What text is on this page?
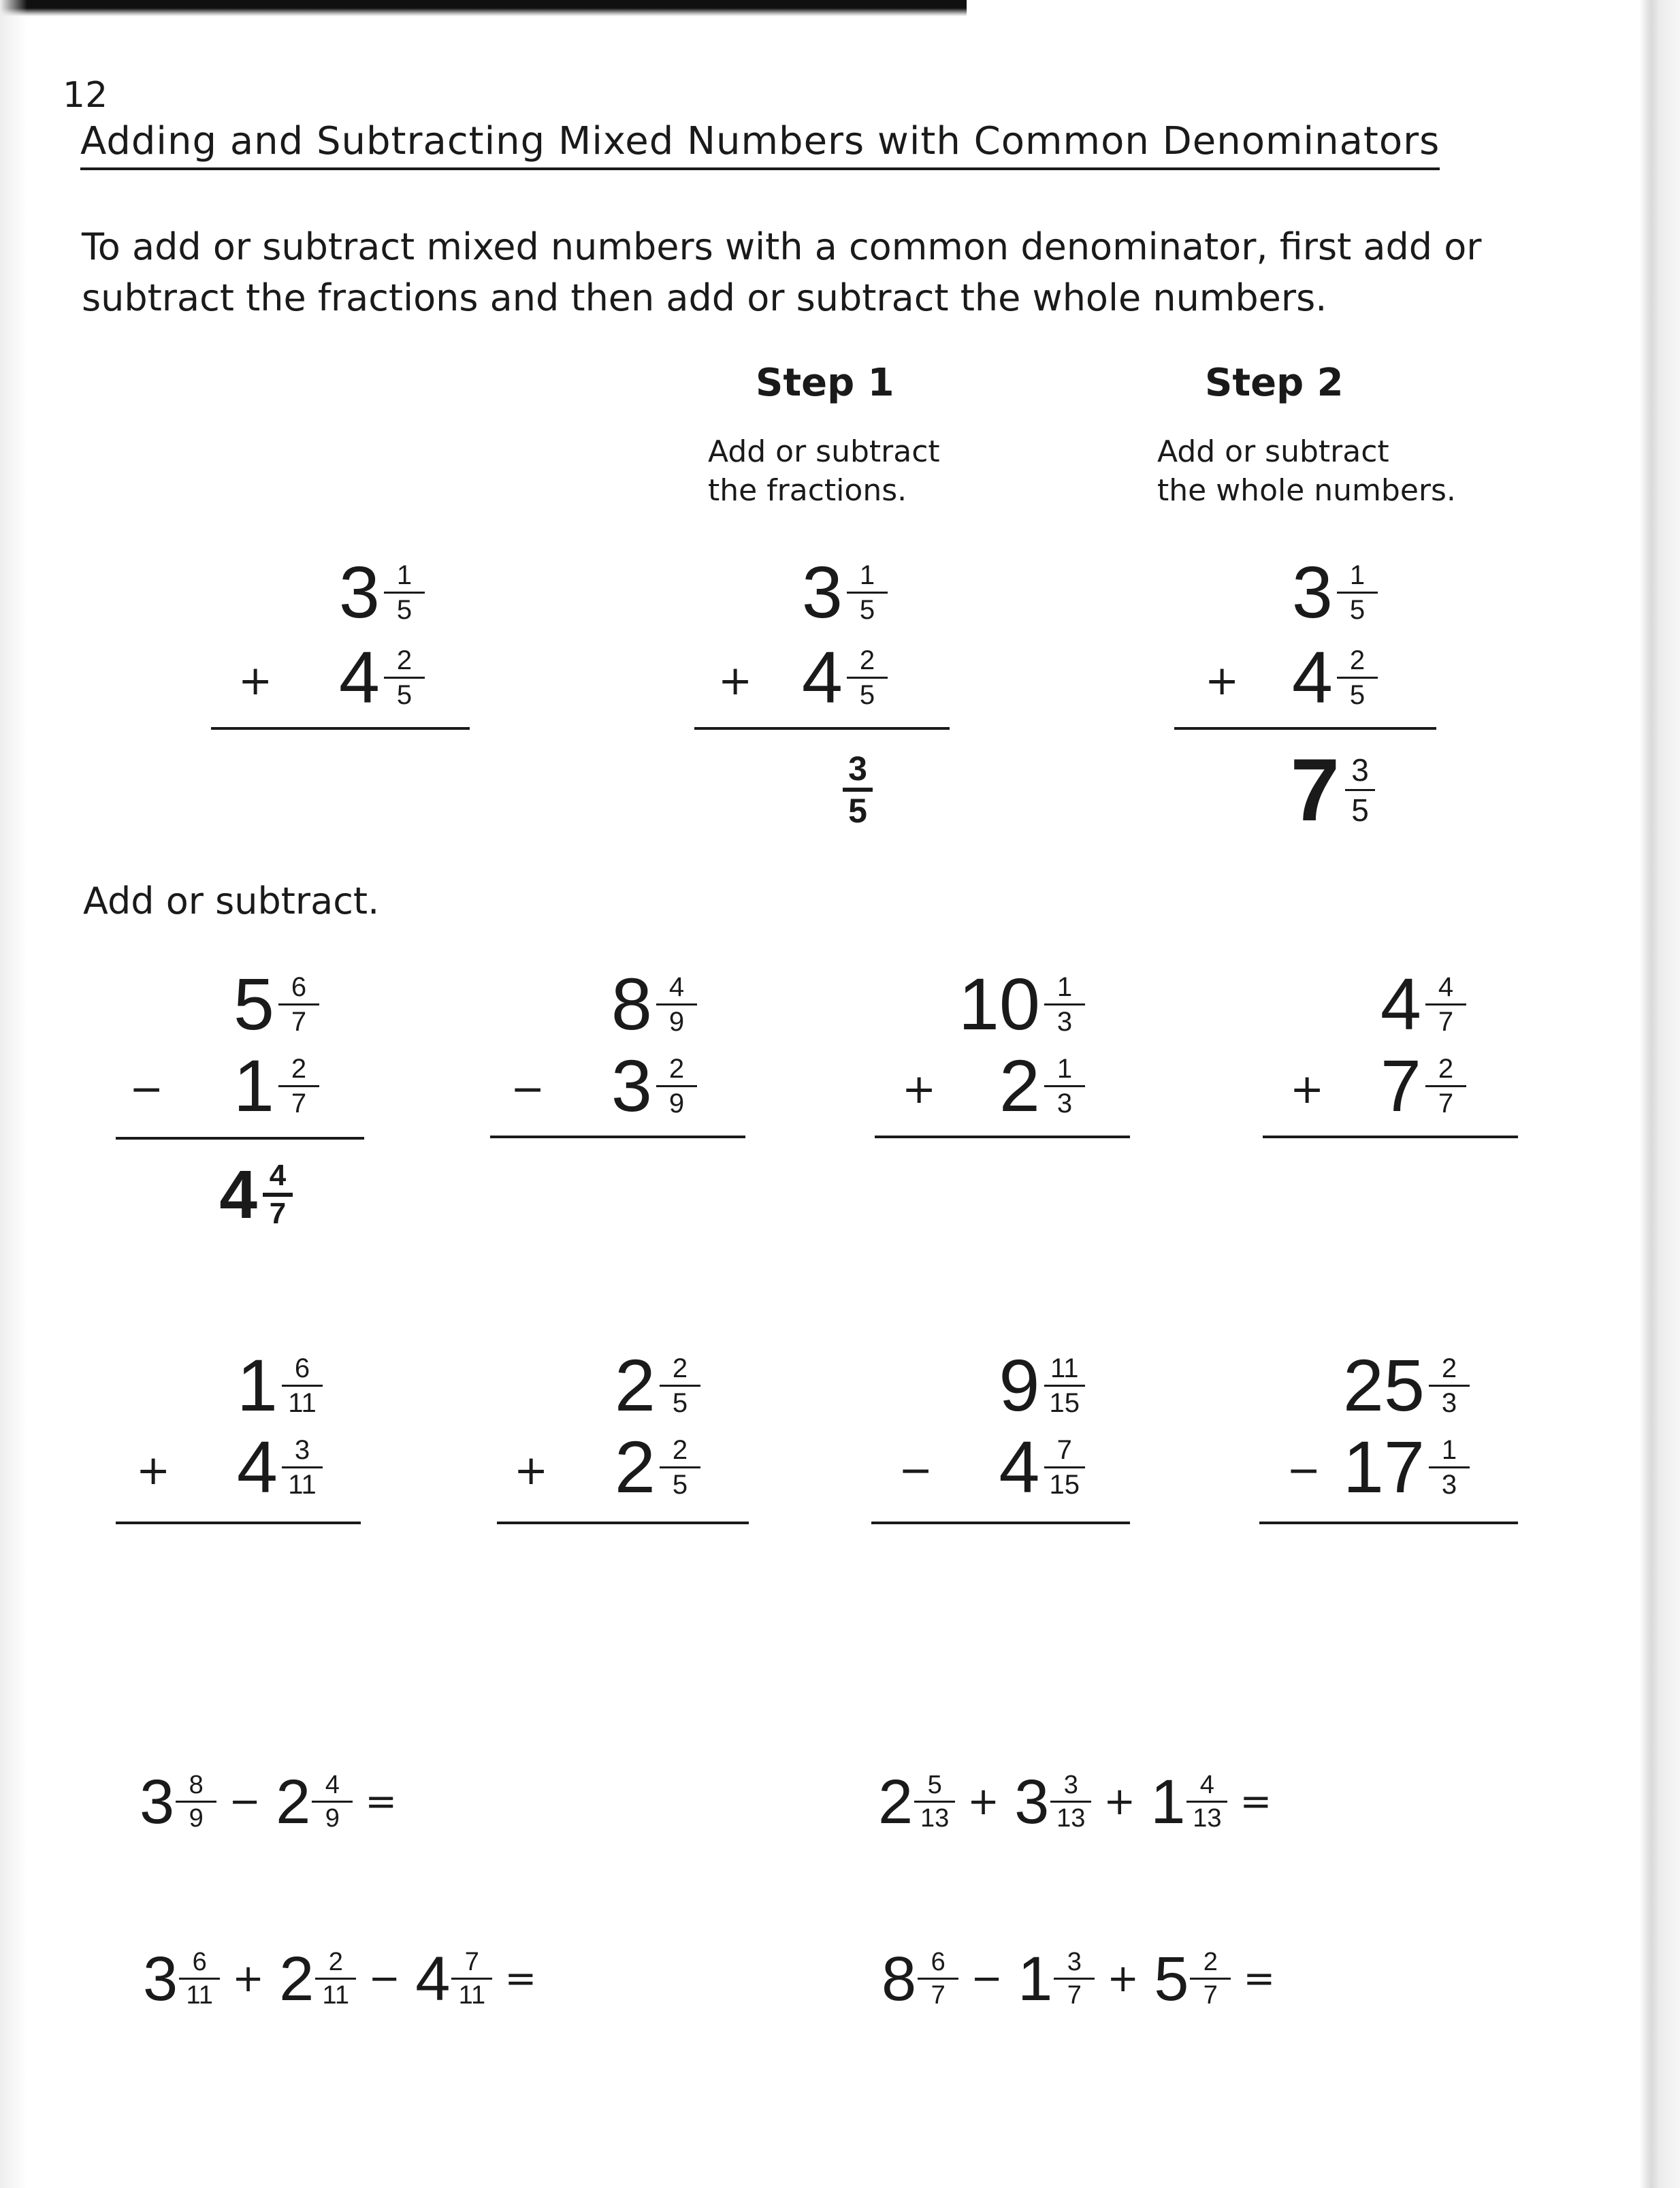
12
Adding and Subtracting Mixed Numbers with Common Denominators
To add or subtract mixed numbers with a common denominator, first add or subtract the fractions and then add or subtract the whole numbers.
Step 1
Add or subtract
the fractions.
Step 2
Add or subtract
the whole numbers.
$3 \frac{1}{5}$
+ $4 \frac{2}{5}$
$3 \frac{1}{5}$
+ $4 \frac{2}{5}$
3
5
$3 \frac{1}{5}$
+ $4 \frac{2}{5}$
$7 \frac{3}{5}$
Add or subtract.
$5 \frac{6}{7}$
− $1 \frac{2}{7}$
4 4
7
$8 \frac{4}{9}$
− $3 \frac{2}{9}$
$10 \frac{1}{3}$
+ $2 \frac{1}{3}$
$4 \frac{4}{7}$
+ $7 \frac{2}{7}$
$1 \frac{6}{11}$
+ $4 \frac{3}{11}$
$2 \frac{2}{5}$
+ $2 \frac{2}{5}$
$9 \frac{11}{15}$
− $4 \frac{7}{15}$
$25 \frac{2}{3}$
− $17 \frac{1}{3}$
$3 \frac{8}{9} - 2 \frac{4}{9}$ =	$2 \frac{5}{13} + 3 \frac{3}{13} + 1 \frac{4}{13}$ =
$3 \frac{6}{11} + 2 \frac{2}{11} - 4 \frac{7}{11}$ =	$8 \frac{6}{7} - 1 \frac{3}{7} + 5 \frac{2}{7}$ =
